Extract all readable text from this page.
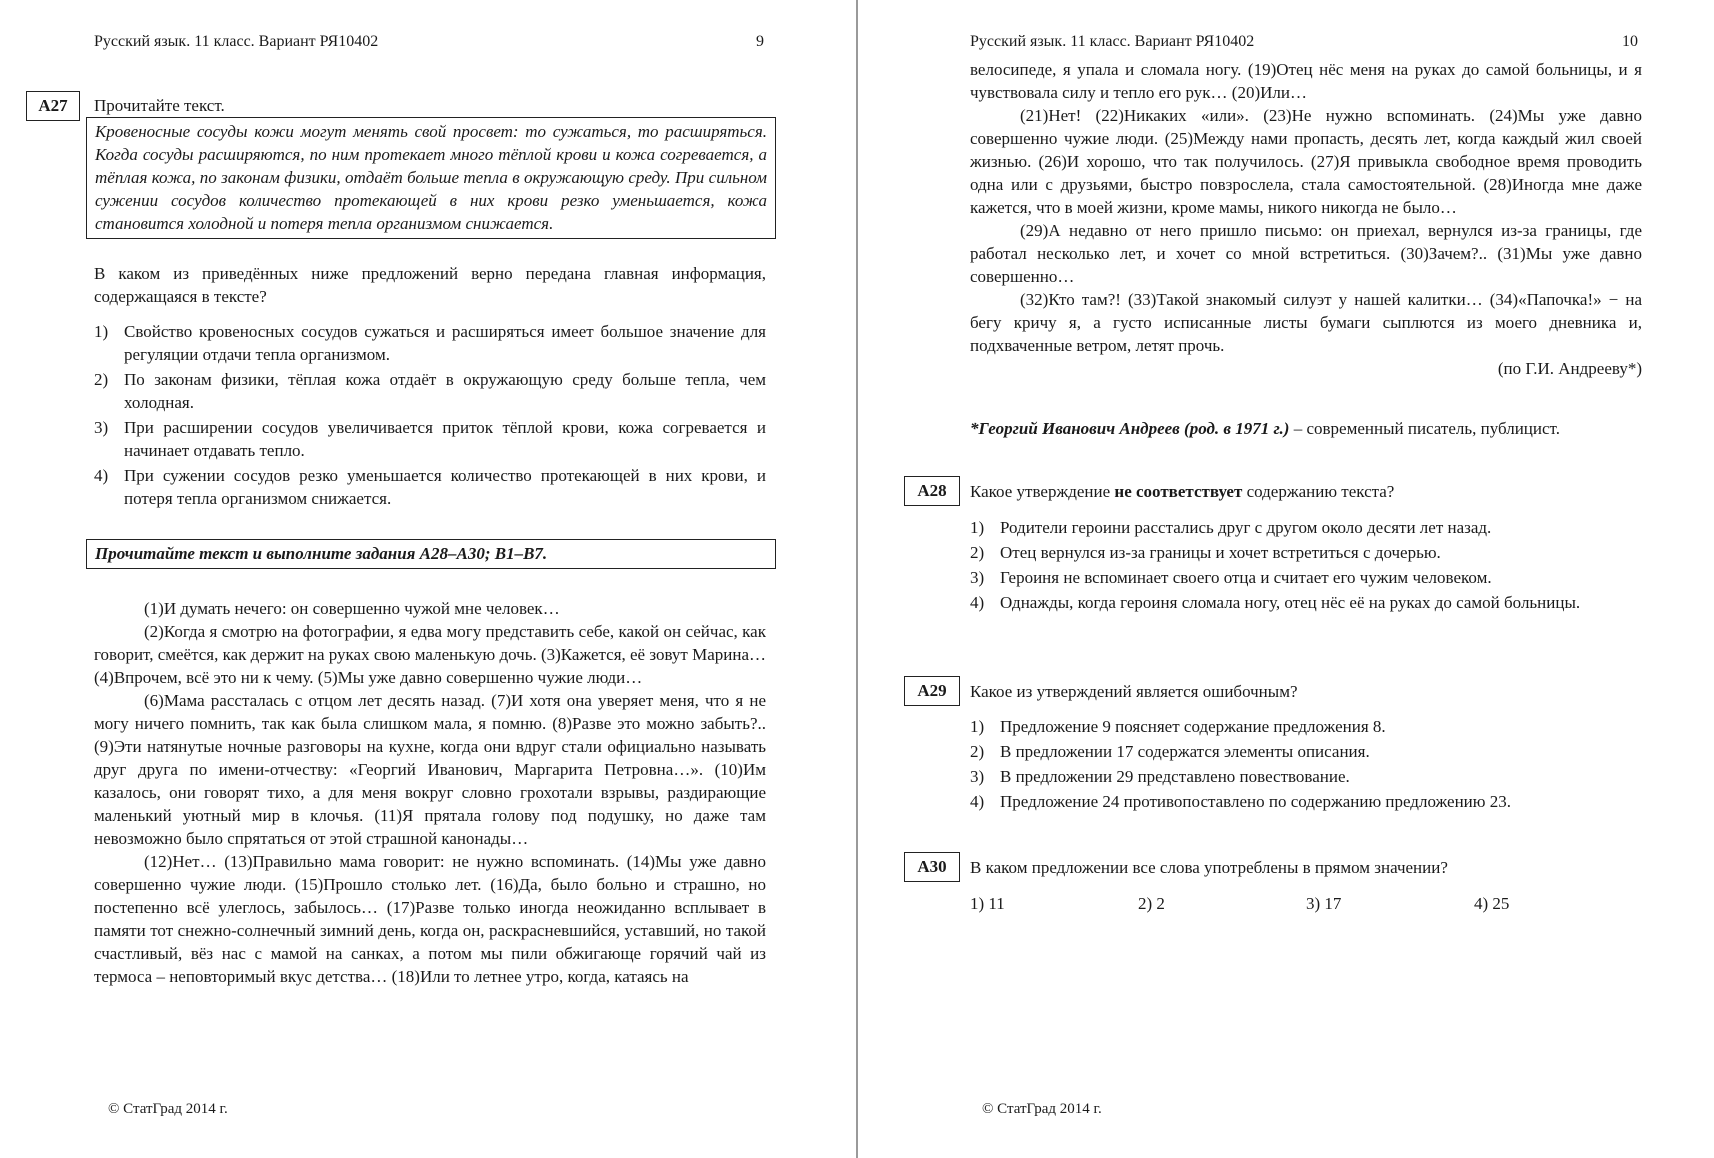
Русский язык. 11 класс. Вариант РЯ10402	9
A27	Прочитайте текст.
Кровеносные сосуды кожи могут менять свой просвет: то сужаться, то расширяться. Когда сосуды расширяются, по ним протекает много тёплой крови и кожа согревается, а тёплая кожа, по законам физики, отдаёт больше тепла в окружающую среду. При сильном сужении сосудов количество протекающей в них крови резко уменьшается, кожа становится холодной и потеря тепла организмом снижается.
В каком из приведённых ниже предложений верно передана главная информация, содержащаяся в тексте?
1) Свойство кровеносных сосудов сужаться и расширяться имеет большое значение для регуляции отдачи тепла организмом.
2) По законам физики, тёплая кожа отдаёт в окружающую среду больше тепла, чем холодная.
3) При расширении сосудов увеличивается приток тёплой крови, кожа согревается и начинает отдавать тепло.
4) При сужении сосудов резко уменьшается количество протекающей в них крови, и потеря тепла организмом снижается.
Прочитайте текст и выполните задания А28–А30; В1–В7.
(1)И думать нечего: он совершенно чужой мне человек…
(2)Когда я смотрю на фотографии, я едва могу представить себе, какой он сейчас, как говорит, смеётся, как держит на руках свою маленькую дочь. (3)Кажется, её зовут Марина… (4)Впрочем, всё это ни к чему. (5)Мы уже давно совершенно чужие люди…
(6)Мама рассталась с отцом лет десять назад. (7)И хотя она уверяет меня, что я не могу ничего помнить, так как была слишком мала, я помню. (8)Разве это можно забыть?.. (9)Эти натянутые ночные разговоры на кухне, когда они вдруг стали официально называть друг друга по имени-отчеству: «Георгий Иванович, Маргарита Петровна…». (10)Им казалось, они говорят тихо, а для меня вокруг словно грохотали взрывы, раздирающие маленький уютный мир в клочья. (11)Я прятала голову под подушку, но даже там невозможно было спрятаться от этой страшной канонады…
(12)Нет… (13)Правильно мама говорит: не нужно вспоминать. (14)Мы уже давно совершенно чужие люди. (15)Прошло столько лет. (16)Да, было больно и страшно, но постепенно всё улеглось, забылось… (17)Разве только иногда неожиданно всплывает в памяти тот снежно-солнечный зимний день, когда он, раскрасневшийся, уставший, но такой счастливый, вёз нас с мамой на санках, а потом мы пили обжигающе горячий чай из термоса – неповторимый вкус детства… (18)Или то летнее утро, когда, катаясь на
© СтатГрад 2014 г.
Русский язык. 11 класс. Вариант РЯ10402	10
велосипеде, я упала и сломала ногу. (19)Отец нёс меня на руках до самой больницы, и я чувствовала силу и тепло его рук… (20)Или…
(21)Нет! (22)Никаких «или». (23)Не нужно вспоминать. (24)Мы уже давно совершенно чужие люди. (25)Между нами пропасть, десять лет, когда каждый жил своей жизнью. (26)И хорошо, что так получилось. (27)Я привыкла свободное время проводить одна или с друзьями, быстро повзрослела, стала самостоятельной. (28)Иногда мне даже кажется, что в моей жизни, кроме мамы, никого никогда не было…
(29)А недавно от него пришло письмо: он приехал, вернулся из-за границы, где работал несколько лет, и хочет со мной встретиться. (30)Зачем?.. (31)Мы уже давно совершенно…
(32)Кто там?! (33)Такой знакомый силуэт у нашей калитки… (34)«Папочка!» − на бегу кричу я, а густо исписанные листы бумаги сыплются из моего дневника и, подхваченные ветром, летят прочь.
(по Г.И. Андрееву*)
*Георгий Иванович Андреев (род. в 1971 г.) – современный писатель, публицист.
A28	Какое утверждение не соответствует содержанию текста?
1) Родители героини расстались друг с другом около десяти лет назад.
2) Отец вернулся из-за границы и хочет встретиться с дочерью.
3) Героиня не вспоминает своего отца и считает его чужим человеком.
4) Однажды, когда героиня сломала ногу, отец нёс её на руках до самой больницы.
A29	Какое из утверждений является ошибочным?
1) Предложение 9 поясняет содержание предложения 8.
2) В предложении 17 содержатся элементы описания.
3) В предложении 29 представлено повествование.
4) Предложение 24 противопоставлено по содержанию предложению 23.
A30	В каком предложении все слова употреблены в прямом значении?
1) 11	2) 2	3) 17	4) 25
© СтатГрад 2014 г.
